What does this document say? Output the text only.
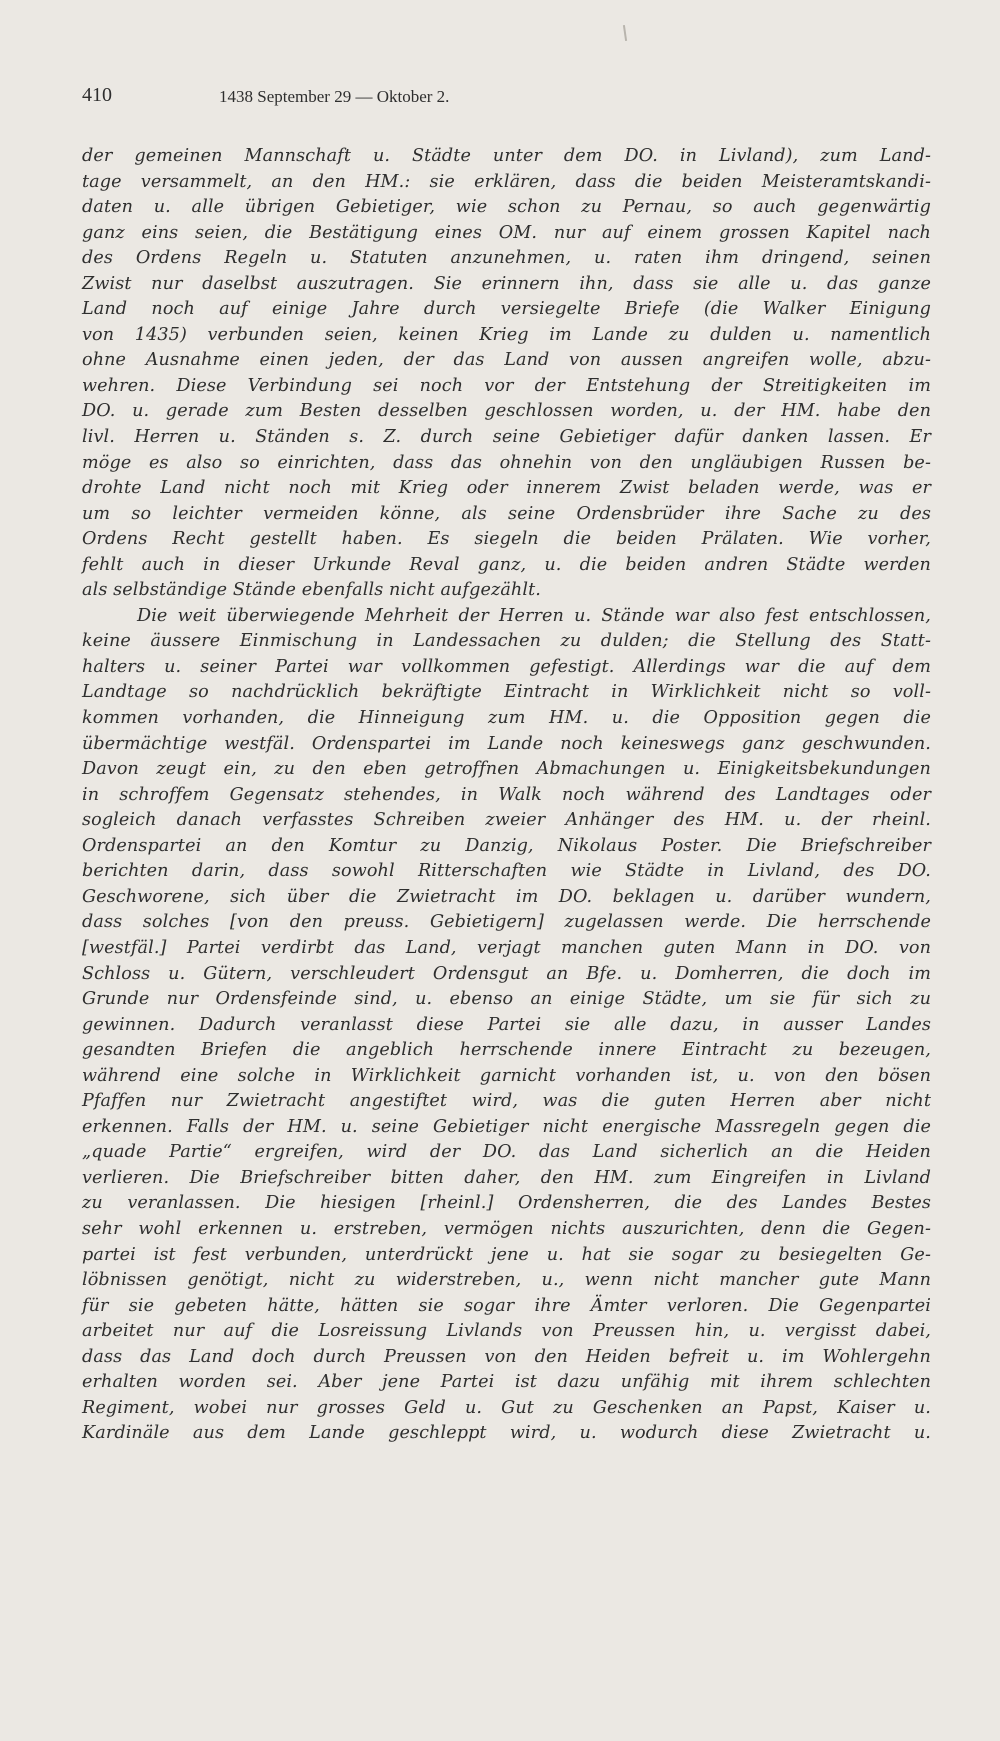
410	1438 September 29 — Oktober 2.

der gemeinen Mannschaft u. Städte unter dem DO. in Livland), zum Land-

tage versammelt, an den HM.: sie erklären, dass die beiden Meisteramtskandi-

daten u. alle übrigen Gebietiger, wie schon zu Pernau, so auch gegenwärtig

ganz eins seien, die Bestätigung eines OM. nur auf einem grossen Kapitel nach

des Ordens Regeln u. Statuten anzunehmen, u. raten ihm dringend, seinen

Zwist nur daselbst auszutragen. Sie erinnern ihn, dass sie alle u. das ganze

Land noch auf einige Jahre durch versiegelte Briefe (die Walker Einigung

von 1435) verbunden seien, keinen Krieg im Lande zu dulden u. namentlich

ohne Ausnahme einen jeden, der das Land von aussen angreifen wolle, abzu-

wehren. Diese Verbindung sei noch vor der Entstehung der Streitigkeiten im

DO. u. gerade zum Besten desselben geschlossen worden, u. der HM. habe den

livl. Herren u. Ständen s. Z. durch seine Gebietiger dafür danken lassen. Er

möge es also so einrichten, dass das ohnehin von den ungläubigen Russen be-

drohte Land nicht noch mit Krieg oder innerem Zwist beladen werde, was er

um so leichter vermeiden könne, als seine Ordensbrüder ihre Sache zu des

Ordens Recht gestellt haben. Es siegeln die beiden Prälaten. Wie vorher,

fehlt auch in dieser Urkunde Reval ganz, u. die beiden andren Städte werden

als selbständige Stände ebenfalls nicht aufgezählt.

Die weit überwiegende Mehrheit der Herren u. Stände war also fest entschlossen,

keine äussere Einmischung in Landessachen zu dulden; die Stellung des Statt-

halters u. seiner Partei war vollkommen gefestigt. Allerdings war die auf dem

Landtage so nachdrücklich bekräftigte Eintracht in Wirklichkeit nicht so voll-

kommen vorhanden, die Hinneigung zum HM. u. die Opposition gegen die

übermächtige westfäl. Ordenspartei im Lande noch keineswegs ganz geschwunden.

Davon zeugt ein, zu den eben getroffnen Abmachungen u. Einigkeitsbekundungen

in schroffem Gegensatz stehendes, in Walk noch während des Landtages oder

sogleich danach verfasstes Schreiben zweier Anhänger des HM. u. der rheinl.

Ordenspartei an den Komtur zu Danzig, Nikolaus Poster. Die Briefschreiber

berichten darin, dass sowohl Ritterschaften wie Städte in Livland, des DO.

Geschworene, sich über die Zwietracht im DO. beklagen u. darüber wundern,

dass solches [von den preuss. Gebietigern] zugelassen werde. Die herrschende

[westfäl.] Partei verdirbt das Land, verjagt manchen guten Mann in DO. von

Schloss u. Gütern, verschleudert Ordensgut an Bfe. u. Domherren, die doch im

Grunde nur Ordensfeinde sind, u. ebenso an einige Städte, um sie für sich zu

gewinnen. Dadurch veranlasst diese Partei sie alle dazu, in ausser Landes

gesandten Briefen die angeblich herrschende innere Eintracht zu bezeugen,

während eine solche in Wirklichkeit garnicht vorhanden ist, u. von den bösen

Pfaffen nur Zwietracht angestiftet wird, was die guten Herren aber nicht

erkennen. Falls der HM. u. seine Gebietiger nicht energische Massregeln gegen die

„quade Partie“ ergreifen, wird der DO. das Land sicherlich an die Heiden

verlieren. Die Briefschreiber bitten daher, den HM. zum Eingreifen in Livland

zu veranlassen. Die hiesigen [rheinl.] Ordensherren, die des Landes Bestes

sehr wohl erkennen u. erstreben, vermögen nichts auszurichten, denn die Gegen-

partei ist fest verbunden, unterdrückt jene u. hat sie sogar zu besiegelten Ge-

löbnissen genötigt, nicht zu widerstreben, u., wenn nicht mancher gute Mann

für sie gebeten hätte, hätten sie sogar ihre Ämter verloren. Die Gegenpartei

arbeitet nur auf die Losreissung Livlands von Preussen hin, u. vergisst dabei,

dass das Land doch durch Preussen von den Heiden befreit u. im Wohlergehn

erhalten worden sei. Aber jene Partei ist dazu unfähig mit ihrem schlechten

Regiment, wobei nur grosses Geld u. Gut zu Geschenken an Papst, Kaiser u.

Kardinäle aus dem Lande geschleppt wird, u. wodurch diese Zwietracht u.
